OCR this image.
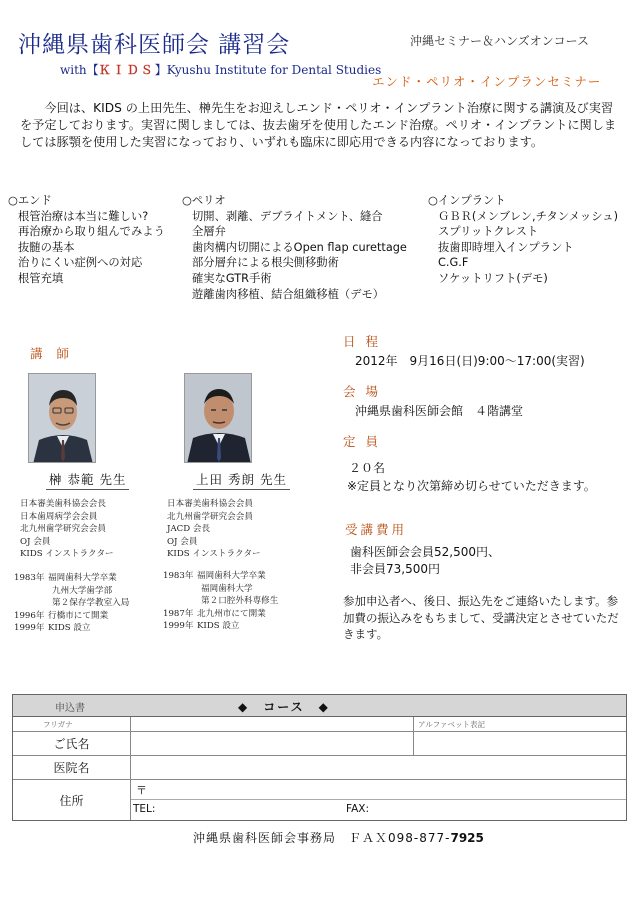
沖縄県歯科医師会 講習会
with【ＫＩＤＳ】Kyushu Institute for Dental Studies
沖縄セミナー＆ハンズオンコース
エンド・ペリオ・インプランセミナー

今回は、KIDS の上田先生、榊先生をお迎えしエンド・ペリオ・インプラント治療に関する講演及び実習を予定しております。実習に関しましては、抜去歯牙を使用したエンド治療。ペリオ・インプラントに関しましては豚顎を使用した実習になっており、いずれも臨床に即応用できる内容になっております。

○エンド
根管治療は本当に難しい?
再治療から取り組んでみよう
抜髄の基本
治りにくい症例への対応
根管充填
○ペリオ
切開、剥離、デブライトメント、縫合
全層弁
歯肉構内切開によるOpen flap curettage
部分層弁による根尖側移動術
確実なGTR手術
遊離歯肉移植、結合組織移植（デモ）
○インプラント
ＧＢＲ(メンブレン,チタンメッシュ)
スプリットクレスト
抜歯即時埋入インプラント
C.G.F
ソケットリフト(デモ)
講 師
榊 恭範 先生	上田 秀朗 先生
日本審美歯科協会会長
日本歯周病学会会員
北九州歯学研究会会員
OJ 会員
KIDS インストラクター
日本審美歯科協会会員
北九州歯学研究会会員
JACD 会長
OJ 会員
KIDS インストラクター
1983年 福岡歯科大学卒業
九州大学歯学部
第２保存学教室入局
1996年 行橋市にて開業
1999年 KIDS 設立
1983年 福岡歯科大学卒業
福岡歯科大学
第２口腔外科専修生
1987年 北九州市にて開業
1999年 KIDS 設立
日 程
2012年　9月16日(日)9:00～17:00(実習)
会 場
沖縄県歯科医師会館　４階講堂
定 員
２０名
※定員となり次第締め切らせていただきます。
受講費用
歯科医師会会員52,500円、
非会員73,500円
参加申込者へ、後日、振込先をご連絡いたします。参加費の振込みをもちまして、受講決定とさせていただきます。
申込書	◆　コース　◆
フリガナ	アルファベット表記
ご氏名
医院名
住所
〒
TEL:	FAX:
沖縄県歯科医師会事務局　ＦＡＸ098-877-7925
